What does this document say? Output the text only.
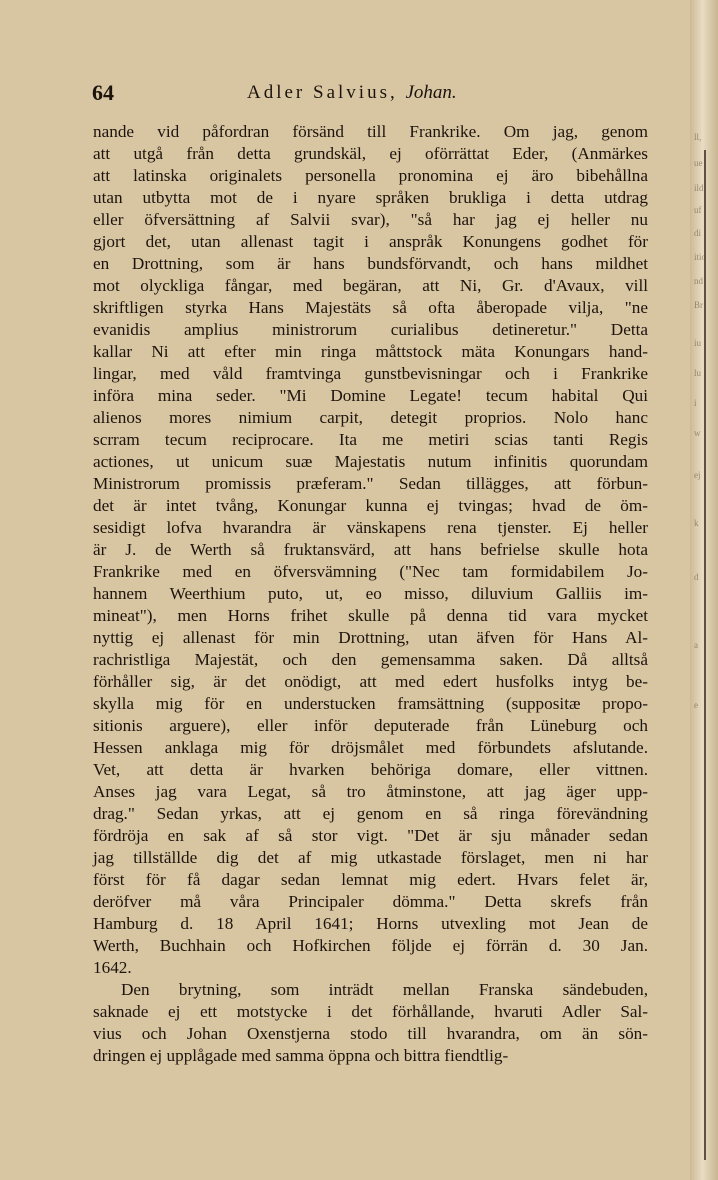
64	Adler Salvius, Johan.
nande vid påfordran försänd till Frankrike. Om jag, genom
att utgå från detta grundskäl, ej oförrättat Eder, (Anmärkes
att latinska originalets personella pronomina ej äro bibehållna
utan utbytta mot de i nyare språken brukliga i detta utdrag
eller öfversättning af Salvii svar), "så har jag ej heller nu
gjort det, utan allenast tagit i anspråk Konungens godhet för
en Drottning, som är hans bundsförvandt, och hans mildhet
mot olyckliga fångar, med begäran, att Ni, Gr. d'Avaux, vill
skriftligen styrka Hans Majestäts så ofta åberopade vilja, "ne
evanidis amplius ministrorum curialibus detineretur." Detta
kallar Ni att efter min ringa måttstock mäta Konungars hand-
lingar, med våld framtvinga gunstbevisningar och i Frankrike
införa mina seder. "Mi Domine Legate! tecum habital Qui
alienos mores nimium carpit, detegit proprios. Nolo hanc
scrram tecum reciprocare. Ita me metiri scias tanti Regis
actiones, ut unicum suæ Majestatis nutum infinitis quorundam
Ministrorum promissis præferam." Sedan tillägges, att förbun-
det är intet tvång, Konungar kunna ej tvingas; hvad de öm-
sesidigt lofva hvarandra är vänskapens rena tjenster. Ej heller
är J. de Werth så fruktansvärd, att hans befrielse skulle hota
Frankrike med en öfversvämning ("Nec tam formidabilem Jo-
hannem Weerthium puto, ut, eo misso, diluvium Galliis im-
mineat"), men Horns frihet skulle på denna tid vara mycket
nyttig ej allenast för min Drottning, utan äfven för Hans Al-
rachristliga Majestät, och den gemensamma saken. Då alltså
förhåller sig, är det onödigt, att med edert husfolks intyg be-
skylla mig för en understucken framsättning (suppositæ propo-
sitionis arguere), eller inför deputerade från Lüneburg och
Hessen anklaga mig för dröjsmålet med förbundets afslutande.
Vet, att detta är hvarken behöriga domare, eller vittnen.
Anses jag vara Legat, så tro åtminstone, att jag äger upp-
drag." Sedan yrkas, att ej genom en så ringa förevändning
fördröja en sak af så stor vigt. "Det är sju månader sedan
jag tillställde dig det af mig utkastade förslaget, men ni har
först för få dagar sedan lemnat mig edert. Hvars felet är,
deröfver må våra Principaler dömma." Detta skrefs från
Hamburg d. 18 April 1641; Horns utvexling mot Jean de
Werth, Buchhain och Hofkirchen följde ej förrän d. 30 Jan.
1642.
Den brytning, som inträdt mellan Franska sändebuden,
saknade ej ett motstycke i det förhållande, hvaruti Adler Sal-
vius och Johan Oxenstjerna stodo till hvarandra, om än sön-
dringen ej upplågade med samma öppna och bittra fiendtlig-
ll,
ue
ild
uf
di
itio
nd
Br
iu
lu
i
w
ej
k
d
a
e
